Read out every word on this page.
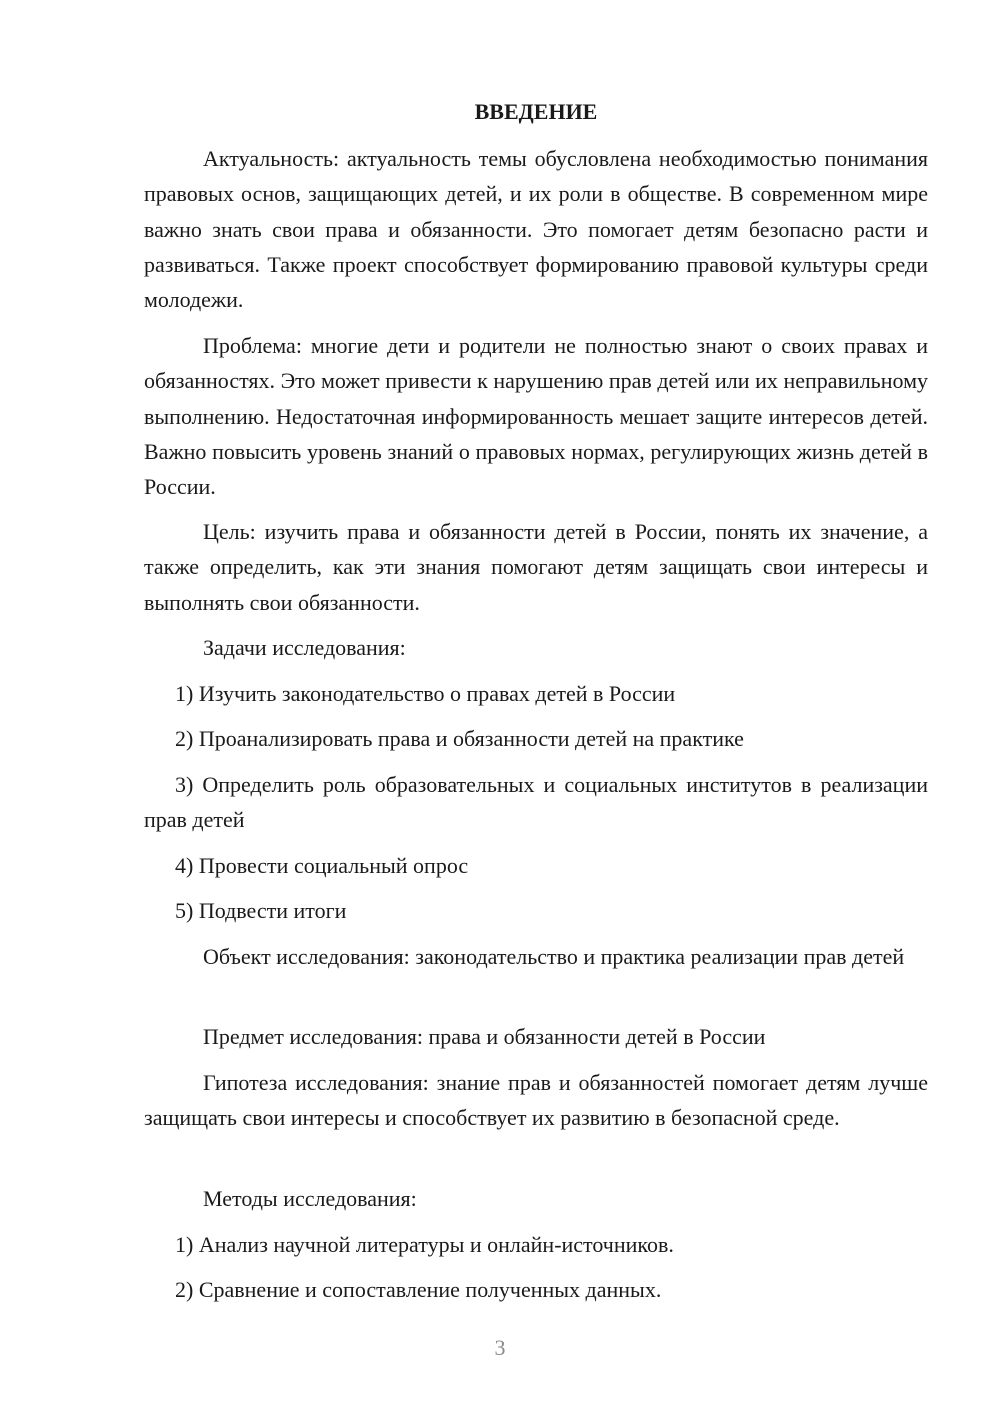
ВВЕДЕНИЕ

Актуальность: актуальность темы обусловлена необходимостью понимания правовых основ, защищающих детей, и их роли в обществе. В современном мире важно знать свои права и обязанности. Это помогает детям безопасно расти и развиваться. Также проект способствует формированию правовой культуры среди молодежи.

Проблема: многие дети и родители не полностью знают о своих правах и обязанностях. Это может привести к нарушению прав детей или их неправильному выполнению. Недостаточная информированность мешает защите интересов детей. Важно повысить уровень знаний о правовых нормах, регулирующих жизнь детей в России.

Цель: изучить права и обязанности детей в России, понять их значение, а также определить, как эти знания помогают детям защищать свои интересы и выполнять свои обязанности.

Задачи исследования:

1) Изучить законодательство о правах детей в России

2) Проанализировать права и обязанности детей на практике

3) Определить роль образовательных и социальных институтов в реализации прав детей

4) Провести социальный опрос

5) Подвести итоги

Объект исследования: законодательство и практика реализации прав детей

Предмет исследования: права и обязанности детей в России

Гипотеза исследования: знание прав и обязанностей помогает детям лучше защищать свои интересы и способствует их развитию в безопасной среде.

Методы исследования:

1) Анализ научной литературы и онлайн-источников.

2) Сравнение и сопоставление полученных данных.

3
